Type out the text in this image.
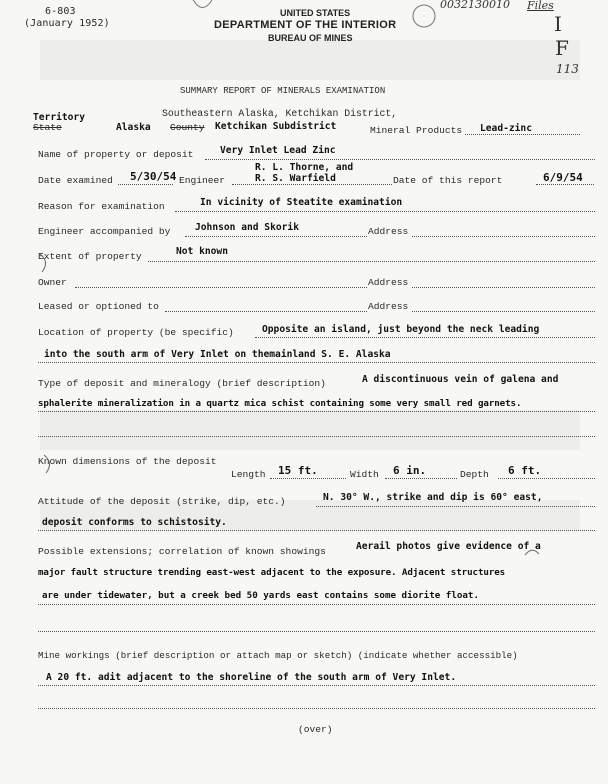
6-803
(January 1952)
UNITED STATES
DEPARTMENT OF THE INTERIOR
BUREAU OF MINES
SUMMARY REPORT OF MINERALS EXAMINATION
0032130010 Files
I
F
113
Territory
State	Alaska
Southeastern Alaska, Ketchikan District,
County Ketchikan Subdistrict	Mineral Products Lead-zinc
Name of property or deposit	Very Inlet Lead Zinc
Date examined 5/30/54 Engineer
R. L. Thorne, and
R. S. Warfield	Date of this report	6/9/54
Reason for examination	In vicinity of Steatite examination
Engineer accompanied by	Johnson and Skorik	Address
Extent of property	Not known
Owner	Address
Leased or optioned to	Address
Location of property (be specific)	Opposite an island, just beyond the neck leading
into the south arm of Very Inlet on themainland S. E. Alaska
Type of deposit and mineralogy (brief description)	A discontinuous vein of galena and
sphalerite mineralization in a quartz mica schist containing some very small red garnets.
Known dimensions of the deposit
Length 15 ft.	Width 6 in.	Depth 6 ft.
Attitude of the deposit (strike, dip, etc.)	N. 30° W., strike and dip is 60° east,
deposit conforms to schistosity.
Possible extensions; correlation of known showings	Aerail photos give evidence of a
major fault structure trending east-west adjacent to the exposure. Adjacent structures
are under tidewater, but a creek bed 50 yards east contains some diorite float.
Mine workings (brief description or attach map or sketch) (indicate whether accessible)
A 20 ft. adit adjacent to the shoreline of the south arm of Very Inlet.
(over)
